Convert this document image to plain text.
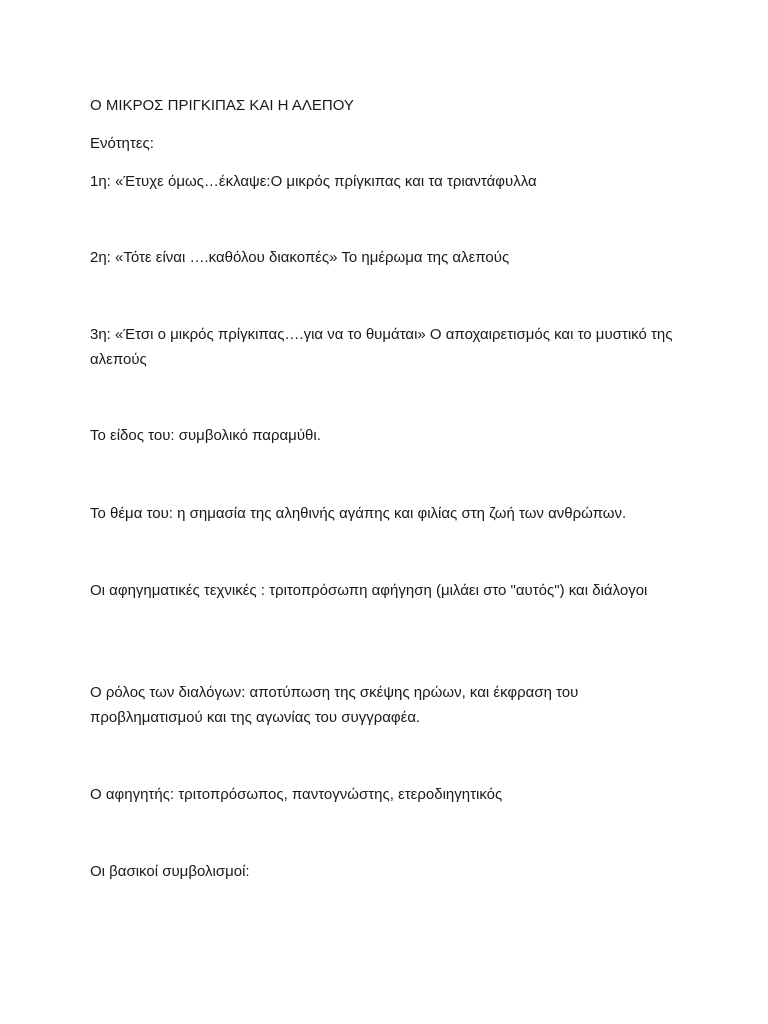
Ο ΜΙΚΡΟΣ ΠΡΙΓΚΙΠΑΣ ΚΑΙ Η ΑΛΕΠΟΥ

Ενότητες:

1η: «Έτυχε όμως…έκλαψε:Ο μικρός πρίγκιπας και τα τριαντάφυλλα

2η: «Τότε είναι ….καθόλου διακοπές» Το ημέρωμα της αλεπούς

3η: «Έτσι ο μικρός πρίγκιπας….για να το θυμάται» Ο αποχαιρετισμός και το μυστικό της αλεπούς

Το είδος του: συμβολικό παραμύθι.

Το θέμα του: η σημασία της αληθινής αγάπης και φιλίας στη ζωή των ανθρώπων.

Οι αφηγηματικές τεχνικές : τριτοπρόσωπη αφήγηση (μιλάει στο "αυτός") και διάλογοι

Ο ρόλος των διαλόγων: αποτύπωση της σκέψης ηρώων, και έκφραση του προβληματισμού και της αγωνίας του συγγραφέα.

Ο αφηγητής: τριτοπρόσωπος, παντογνώστης, ετεροδιηγητικός

Οι βασικοί συμβολισμοί:
